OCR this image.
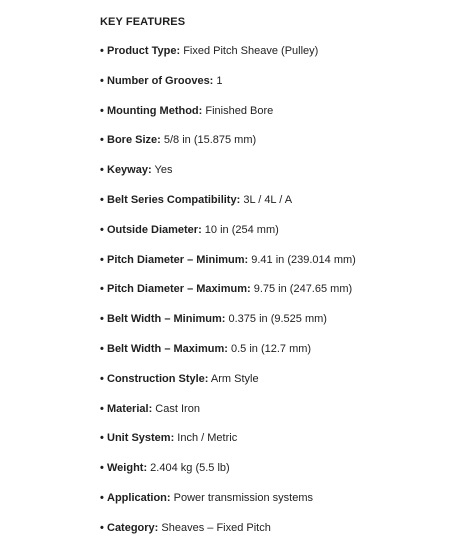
KEY FEATURES
• Product Type: Fixed Pitch Sheave (Pulley)
• Number of Grooves: 1
• Mounting Method: Finished Bore
• Bore Size: 5/8 in (15.875 mm)
• Keyway: Yes
• Belt Series Compatibility: 3L / 4L / A
• Outside Diameter: 10 in (254 mm)
• Pitch Diameter – Minimum: 9.41 in (239.014 mm)
• Pitch Diameter – Maximum: 9.75 in (247.65 mm)
• Belt Width – Minimum: 0.375 in (9.525 mm)
• Belt Width – Maximum: 0.5 in (12.7 mm)
• Construction Style: Arm Style
• Material: Cast Iron
• Unit System: Inch / Metric
• Weight: 2.404 kg (5.5 lb)
• Application: Power transmission systems
• Category: Sheaves – Fixed Pitch
